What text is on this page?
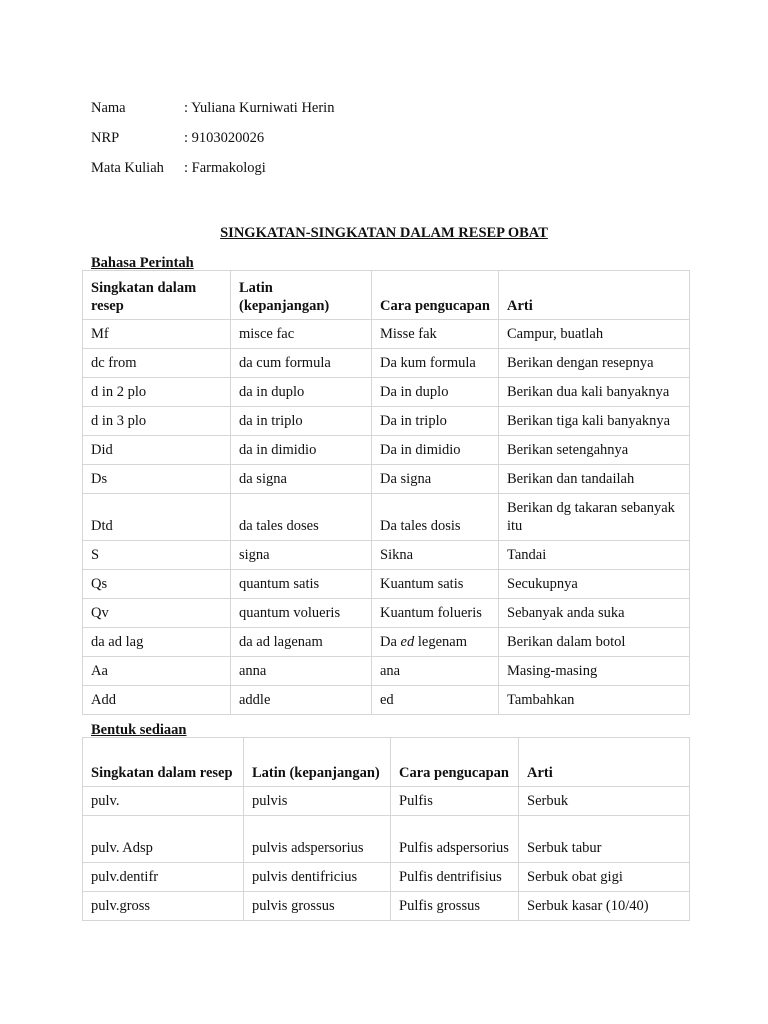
Nama	: Yuliana Kurniwati Herin
NRP	: 9103020026
Mata Kuliah	: Farmakologi
SINGKATAN-SINGKATAN DALAM RESEP OBAT
Bahasa Perintah
Singkatan dalam resep	Latin (kepanjangan)	Cara pengucapan	Arti
Mf	misce fac	Misse fak	Campur, buatlah
dc from	da cum formula	Da kum formula	Berikan dengan resepnya
d in 2 plo	da in duplo	Da in duplo	Berikan dua kali banyaknya
d in 3 plo	da in triplo	Da in triplo	Berikan tiga kali banyaknya
Did	da in dimidio	Da in dimidio	Berikan setengahnya
Ds	da signa	Da signa	Berikan dan tandailah
Dtd	da tales doses	Da tales dosis	Berikan dg takaran sebanyak itu
S	signa	Sikna	Tandai
Qs	quantum satis	Kuantum satis	Secukupnya
Qv	quantum volueris	Kuantum folueris	Sebanyak anda suka
da ad lag	da ad lagenam	Da ed legenam	Berikan dalam botol
Aa	anna	ana	Masing-masing
Add	addle	ed	Tambahkan
Bentuk sediaan
Singkatan dalam resep	Latin (kepanjangan)	Cara pengucapan	Arti
pulv.	pulvis	Pulfis	Serbuk
pulv. Adsp	pulvis adspersorius	Pulfis adspersorius	Serbuk tabur
pulv.dentifr	pulvis dentifricius	Pulfis dentrifisius	Serbuk obat gigi
pulv.gross	pulvis grossus	Pulfis grossus	Serbuk kasar (10/40)
